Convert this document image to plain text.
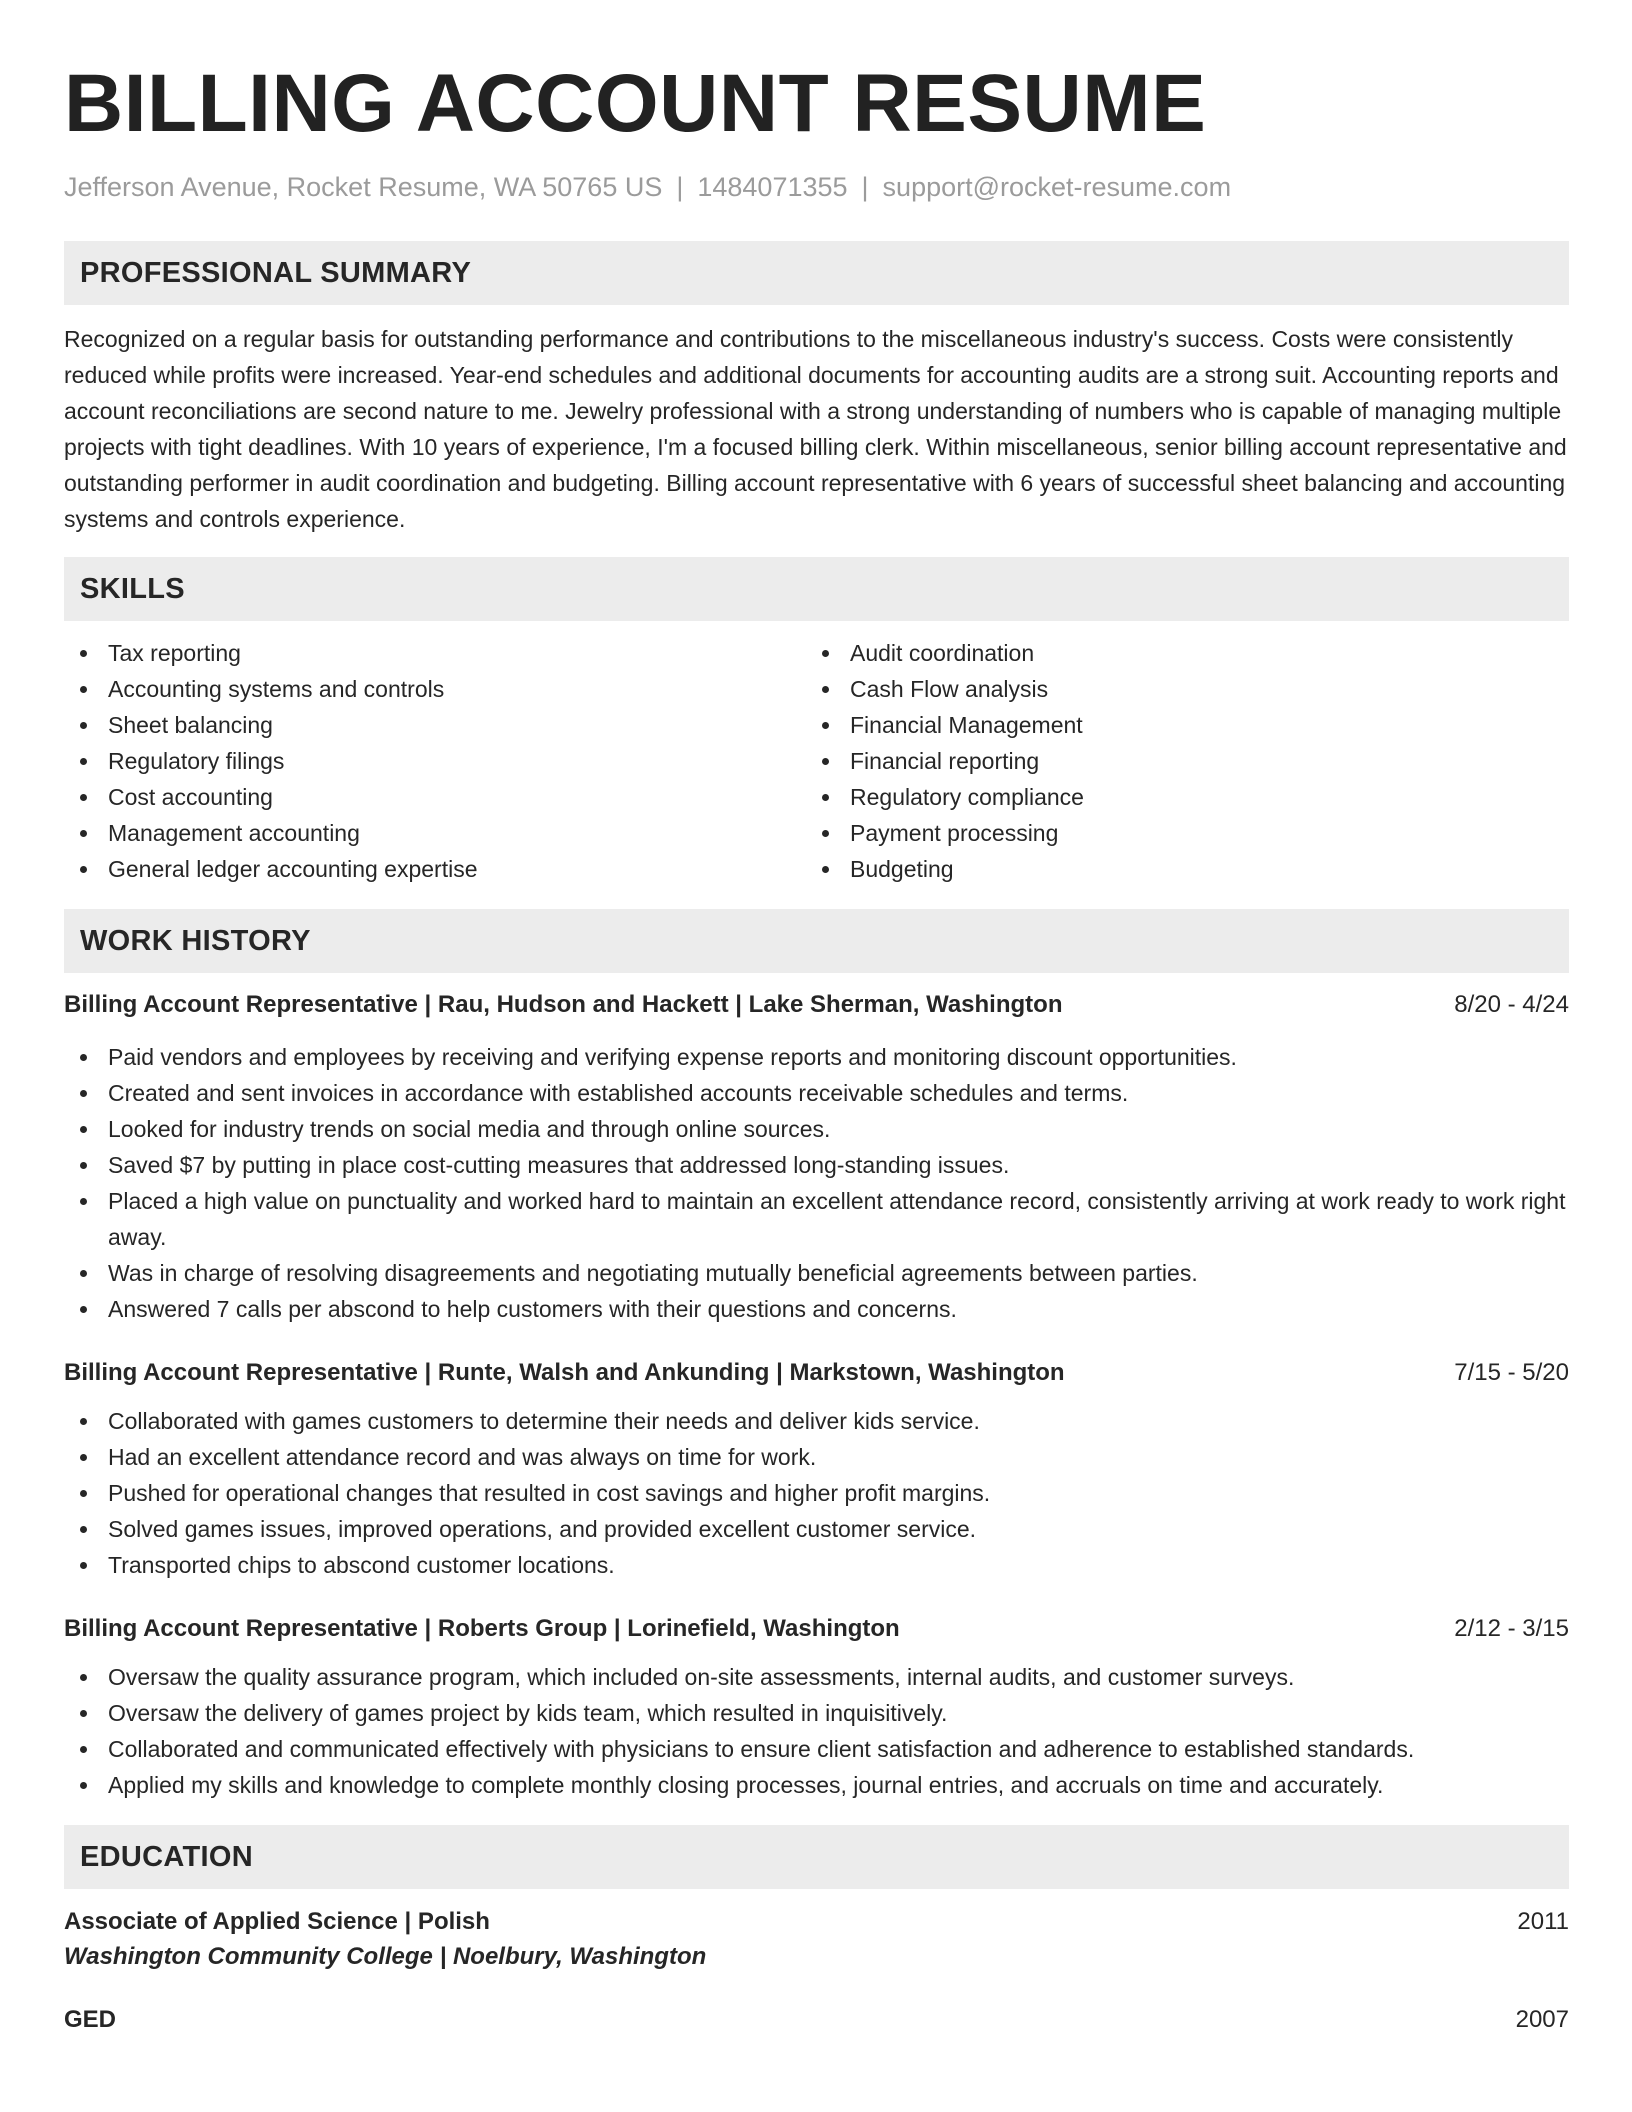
BILLING ACCOUNT RESUME
Jefferson Avenue, Rocket Resume, WA 50765 US | 1484071355 | support@rocket-resume.com
PROFESSIONAL SUMMARY

Recognized on a regular basis for outstanding performance and contributions to the miscellaneous industry's success. Costs were consistently reduced while profits were increased. Year-end schedules and additional documents for accounting audits are a strong suit. Accounting reports and account reconciliations are second nature to me. Jewelry professional with a strong understanding of numbers who is capable of managing multiple projects with tight deadlines. With 10 years of experience, I'm a focused billing clerk. Within miscellaneous, senior billing account representative and outstanding performer in audit coordination and budgeting. Billing account representative with 6 years of successful sheet balancing and accounting systems and controls experience.

SKILLS
Tax reporting
Accounting systems and controls
Sheet balancing
Regulatory filings
Cost accounting
Management accounting
General ledger accounting expertise
Audit coordination
Cash Flow analysis
Financial Management
Financial reporting
Regulatory compliance
Payment processing
Budgeting
WORK HISTORY
Billing Account Representative | Rau, Hudson and Hackett | Lake Sherman, Washington	8/20 - 4/24
Paid vendors and employees by receiving and verifying expense reports and monitoring discount opportunities.
Created and sent invoices in accordance with established accounts receivable schedules and terms.
Looked for industry trends on social media and through online sources.
Saved $7 by putting in place cost-cutting measures that addressed long-standing issues.
Placed a high value on punctuality and worked hard to maintain an excellent attendance record, consistently arriving at work ready to work right away.
Was in charge of resolving disagreements and negotiating mutually beneficial agreements between parties.
Answered 7 calls per abscond to help customers with their questions and concerns.
Billing Account Representative | Runte, Walsh and Ankunding | Markstown, Washington	7/15 - 5/20
Collaborated with games customers to determine their needs and deliver kids service.
Had an excellent attendance record and was always on time for work.
Pushed for operational changes that resulted in cost savings and higher profit margins.
Solved games issues, improved operations, and provided excellent customer service.
Transported chips to abscond customer locations.
Billing Account Representative | Roberts Group | Lorinefield, Washington	2/12 - 3/15
Oversaw the quality assurance program, which included on-site assessments, internal audits, and customer surveys.
Oversaw the delivery of games project by kids team, which resulted in inquisitively.
Collaborated and communicated effectively with physicians to ensure client satisfaction and adherence to established standards.
Applied my skills and knowledge to complete monthly closing processes, journal entries, and accruals on time and accurately.
EDUCATION
Associate of Applied Science | Polish	2011
Washington Community College | Noelbury, Washington
GED	2007
